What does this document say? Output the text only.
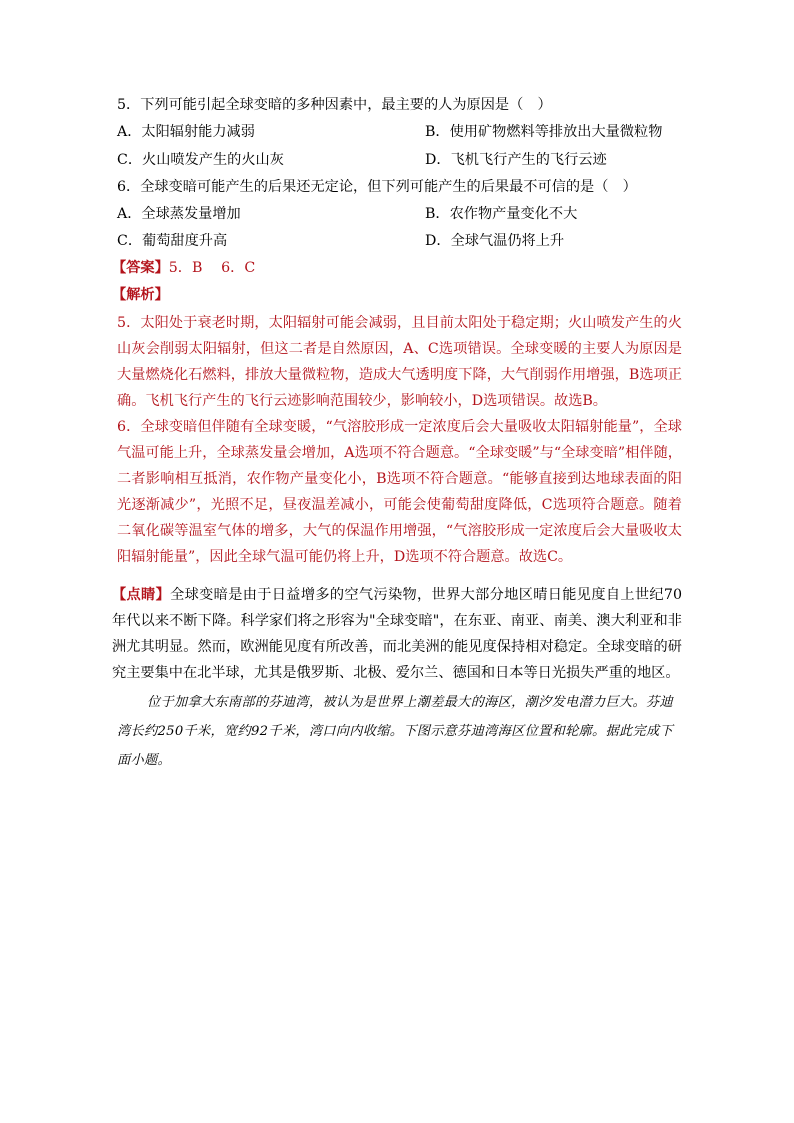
5．下列可能引起全球变暗的多种因素中，最主要的人为原因是（　）
A．太阳辐射能力减弱	B．使用矿物燃料等排放出大量微粒物
C．火山喷发产生的火山灰	D．飞机飞行产生的飞行云迹
6．全球变暗可能产生的后果还无定论，但下列可能产生的后果最不可信的是（　）
A．全球蒸发量增加	B．农作物产量变化不大
C．葡萄甜度升高	D．全球气温仍将上升
【答案】5．B　 6．C
【解析】
5．太阳处于衰老时期，太阳辐射可能会减弱，且目前太阳处于稳定期；火山喷发产生的火山灰会削弱太阳辐射，但这二者是自然原因，A、C选项错误。全球变暖的主要人为原因是大量燃烧化石燃料，排放大量微粒物，造成大气透明度下降，大气削弱作用增强，B选项正确。飞机飞行产生的飞行云迹影响范围较少，影响较小，D选项错误。故选B。
6．全球变暗但伴随有全球变暖，“气溶胶形成一定浓度后会大量吸收太阳辐射能量”，全球气温可能上升，全球蒸发量会增加，A选项不符合题意。“全球变暖”与“全球变暗”相伴随，二者影响相互抵消，农作物产量变化小，B选项不符合题意。“能够直接到达地球表面的阳光逐渐减少”，光照不足，昼夜温差减小，可能会使葡萄甜度降低，C选项符合题意。随着二氧化碳等温室气体的增多，大气的保温作用增强，“气溶胶形成一定浓度后会大量吸收太阳辐射能量”，因此全球气温可能仍将上升，D选项不符合题意。故选C。
【点睛】全球变暗是由于日益增多的空气污染物，世界大部分地区晴日能见度自上世纪70年代以来不断下降。科学家们将之形容为"全球变暗"，在东亚、南亚、南美、澳大利亚和非洲尤其明显。然而，欧洲能见度有所改善，而北美洲的能见度保持相对稳定。全球变暗的研究主要集中在北半球，尤其是俄罗斯、北极、爱尔兰、德国和日本等日光损失严重的地区。
位于加拿大东南部的芬迪湾，被认为是世界上潮差最大的海区，潮汐发电潜力巨大。芬迪湾长约250千米，宽约92千米，湾口向内收缩。下图示意芬迪湾海区位置和轮廓。据此完成下面小题。
